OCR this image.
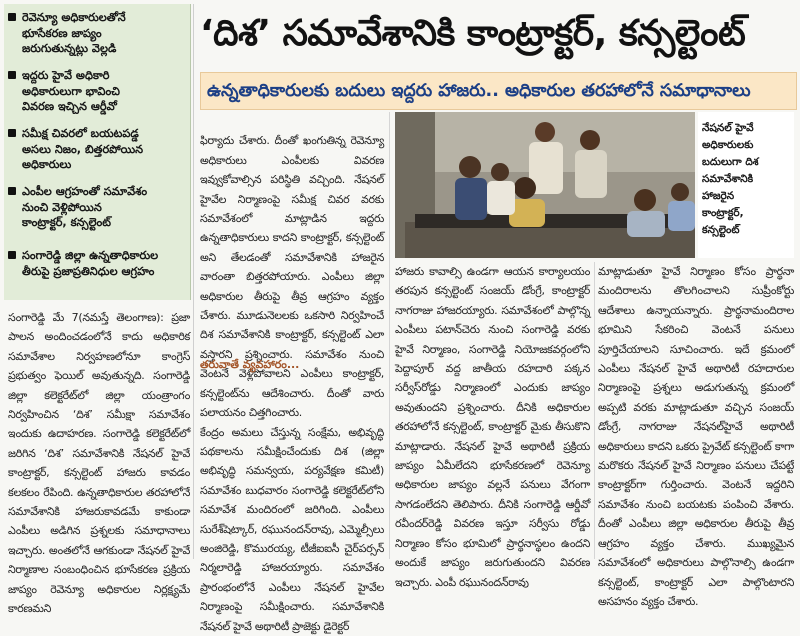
రెవెన్యూ అధికారులతోనే
భూసేకరణ జాప్యం
జరుగుతున్నట్లు వెల్లడి
ఇద్దరు హైవే అధికారి
అధికారులుగా భావించి
వివరణ ఇచ్చిన ఆర్డీవో
సమీక్ష చివరలో బయటపడ్డ
అసలు నిజం, బిత్తరపోయిన
అధికారులు
ఎంపీల ఆగ్రహంతో సమావేశం
నుంచి వెళ్లిపోయిన
కాంట్రాక్టర్, కన్సల్టెంట్
సంగారెడ్డి జిల్లా ఉన్నతాధికారుల
తీరుపై ప్రజాప్రతినిధుల ఆగ్రహం
‘దిశ’ సమావేశానికి కాంట్రాక్టర్, కన్సల్టెంట్
ఉన్నతాధికారులకు బదులు ఇద్దరు హాజరు.. అధికారుల తరహాలోనే సమాధానాలు
నేషనల్ హైవే
అధికారులకు
బదులుగా దిశ
సమావేశానికి
హాజరైన
కాంట్రాక్టర్,
కన్సల్టెంట్
సంగారెడ్డి మే 7(నమస్తే తెలంగాణ): ప్రజా పాలన అందించడంలోనే కాదు అధికారిక సమావేశాల నిర్వహణలోనూ కాంగ్రెస్ ప్రభుత్వం ఫెయిల్ అవుతున్నది. సంగారెడ్డి జిల్లా కలెక్టరేట్‌లో జిల్లా యంత్రాంగం నిర్వహించిన ‘దిశ’ సమీక్షా సమావేశం ఇందుకు ఉదాహరణ. సంగారెడ్డి కలెక్టరేట్‌లో జరిగిన ‘దిశ’ సమావేశానికి నేషనల్ హైవే కాంట్రాక్టర్, కన్సల్టెంట్ హాజరు కావడం కలకలం రేపింది. ఉన్నతాధికారుల తరహాలోనే సమావేశానికి హాజరుకావడమే కాకుండా ఎంపీలు అడిగిన ప్రశ్నలకు సమాధానాలు ఇచ్చారు. అంతలోనే ఆగకుండా నేషనల్ హైవే నిర్మాణాల సంబంధించిన భూసేకరణ ప్రక్రియ జాప్యం రెవెన్యూ అధికారుల నిర్లక్ష్యమే కారణమని

ఫిర్యాదు చేశారు. దీంతో ఖంగుతిన్న రెవెన్యూ అధికారులు ఎంపీలకు వివరణ ఇవ్వుకోవాల్సిన పరిస్థితి వచ్చింది. నేషనల్ హైవేల నిర్మాణంపై సమీక్ష చివర వరకు సమావేశంలో మాట్లాడిన ఇద్దరు ఉన్నతాధికారులు కాదని కాంట్రాక్టర్, కన్సల్టెంట్ అని తేలడంతో సమావేశానికి హాజరైన వారంతా బిత్తరపోయారు. ఎంపీలు జిల్లా అధికారుల తీరుపై తీవ్ర ఆగ్రహం వ్యక్తం చేశారు. మూడునెలలకు ఒకసారి నిర్వహించే దిశ సమావేశానికి కాంట్రాక్టర్, కన్సల్టెంట్ ఎలా వస్తారని ప్రశ్నించారు. సమావేశం నుంచి వెంటనే వెళ్లిపోవాలని ఎంపీలు కాంట్రాక్టర్, కన్సల్టెంట్‌ను ఆదేశించారు. దీంతో వారు పలాయనం చిత్తగించారు.
కేంద్రం అమలు చేస్తున్న సంక్షేమ, అభివృద్ధి పథకాలను సమీక్షించేందుకు దిశ (జిల్లా అభివృద్ధి సమన్వయ, పర్యవేక్షణ కమిటీ) సమావేశం బుధవారం సంగారెడ్డి కలెక్టరేట్‌లోని సమావేశ మందిరంలో జరిగింది. ఎంపీలు సురేశ్‌షెట్కార్, రఘునందన్‌రావు, ఎమ్మెల్సీలు అంజిరెడ్డి, కొమురయ్య, టీజీఐఐసీ చైర్‌పర్సన్ నిర్మలారెడ్డి హాజరయ్యారు. సమావేశం ప్రారంభంలోనే ఎంపీలు నేషనల్ హైవేల నిర్మాణంపై సమీక్షించారు. సమావేశానికి నేషనల్ హైవే అథారిటీ ప్రాజెక్టు డైరెక్టర్

తరువాతే వ్యవహారం...
హాజరు కావాల్సి ఉండగా ఆయన కార్యాలయం తరపున కన్సల్టెంట్ సంజయ్ డోంగ్రే, కాంట్రాక్టర్ నాగరాజు హాజరయ్యారు. సమావేశంలో పాల్గొన్న ఎంపీలు పటాన్‌చెరు నుంచి సంగారెడ్డి వరకు హైవే నిర్మాణం, సంగారెడ్డి నియోజకవర్గంలోని పెద్దాపూర్ వద్ద జాతీయ రహదారి పక్కన సర్వీస్‌రోడ్డు నిర్మాణంలో ఎందుకు జాప్యం అవుతుందని ప్రశ్నించారు. దీనికి అధికారుల తరహాలోనే కన్సల్టెంట్, కాంట్రాక్టర్ మైకు తీసుకొని మాట్లాడారు. నేషనల్ హైవే అథారిటీ ప్రక్రియ జాప్యం ఏమీలేదని భూసేకరణలో రెవెన్యూ అధికారుల జాప్యం వల్లనే పనులు వేగంగా సాగడంలేదని తెలిపారు. దీనికి సంగారెడ్డి ఆర్డీవో రవీందర్‌రెడ్డి వివరణ ఇస్తూ సర్వీసు రోడ్డు నిర్మాణం కోసం భూమిలో ప్రార్థనాస్థలం ఉందని అందుకే జాప్యం జరుగుతుందని వివరణ ఇచ్చారు. ఎంపీ రఘునందన్‌రావు
మాట్లాడుతూ హైవే నిర్మాణం కోసం ప్రార్థనా మందిరాలను తొలగించాలని సుప్రీంకోర్టు ఆదేశాలు ఉన్నాయన్నారు. ప్రార్థనామందిరాల భూమిని సేకరించి వెంటనే పనులు పూర్తిచేయాలని సూచించారు. ఇదే క్రమంలో ఎంపీలు నేషనల్ హైవే అథారిటీ రహదారుల నిర్మాణంపై ప్రశ్నలు అడుగుతున్న క్రమంలో అప్పటి వరకు మాట్లాడుతూ వచ్చిన సంజయ్ డోంగ్రే, నాగరాజు నేషనల్‌హైవే అథారిటీ అధికారులు కాదని ఒకరు ప్రైవేట్ కన్సల్టెంట్ కాగా మరొకరు నేషనల్ హైవే నిర్మాణం పనులు చేపట్టే కాంట్రాక్టర్‌గా గుర్తించారు. వెంటనే ఇద్దరిని సమావేశం నుంచి బయటకు పంపించి వేశారు. దీంతో ఎంపీలు జిల్లా అధికారుల తీరుపై తీవ్ర ఆగ్రహం వ్యక్తం చేశారు. ముఖ్యమైన సమావేశంలో అధికారులు పాల్గొనాల్సి ఉండగా కన్సల్టెంట్, కాంట్రాక్టర్ ఎలా పాల్గొంటారని అసహనం వ్యక్తం చేశారు.
